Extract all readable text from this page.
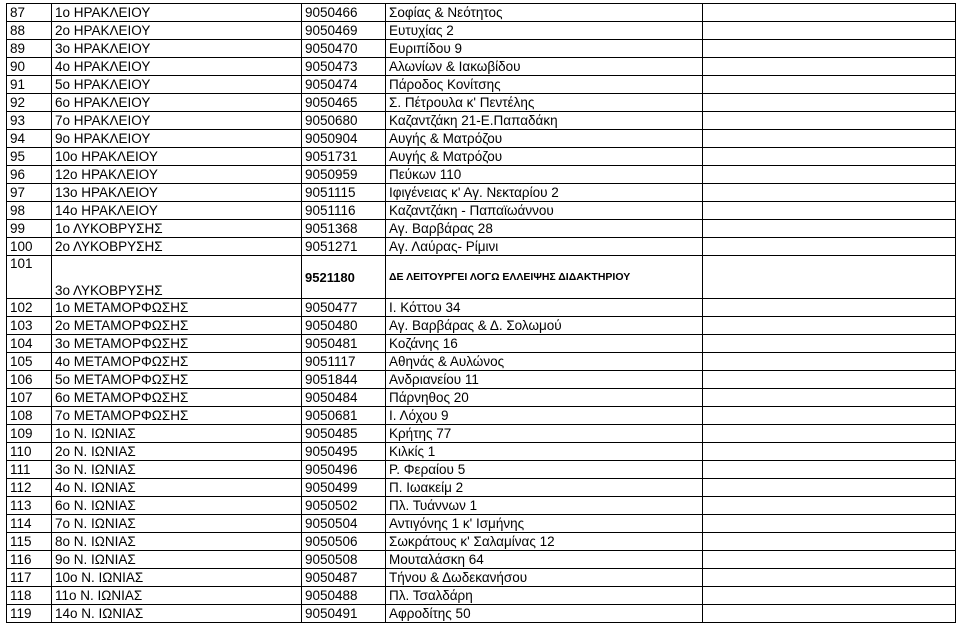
87	1ο ΗΡΑΚΛΕΙΟΥ	9050466	Σοφίας & Νεότητος	
88	2ο ΗΡΑΚΛΕΙΟΥ	9050469	Ευτυχίας 2	
89	3ο ΗΡΑΚΛΕΙΟΥ	9050470	Ευριπίδου 9	
90	4ο ΗΡΑΚΛΕΙΟΥ	9050473	Αλωνίων & Ιακωβίδου	
91	5ο ΗΡΑΚΛΕΙΟΥ	9050474	Πάροδος Κονίτσης	
92	6ο ΗΡΑΚΛΕΙΟΥ	9050465	Σ. Πέτρουλα κ' Πεντέλης	
93	7ο ΗΡΑΚΛΕΙΟΥ	9050680	Καζαντζάκη 21-Ε.Παπαδάκη	
94	9ο ΗΡΑΚΛΕΙΟΥ	9050904	Αυγής & Ματρόζου	
95	10ο ΗΡΑΚΛΕΙΟΥ	9051731	Αυγής & Ματρόζου	
96	12ο ΗΡΑΚΛΕΙΟΥ	9050959	Πεύκων 110	
97	13ο ΗΡΑΚΛΕΙΟΥ	9051115	Ιφιγένειας κ' Αγ. Νεκταρίου 2	
98	14ο ΗΡΑΚΛΕΙΟΥ	9051116	Καζαντζάκη - Παπαϊωάννου	
99	1ο ΛΥΚΟΒΡΥΣΗΣ	9051368	Αγ. Βαρβάρας 28	
100	2ο ΛΥΚΟΒΡΥΣΗΣ	9051271	Αγ. Λαύρας- Ρίμινι	
101	3ο ΛΥΚΟΒΡΥΣΗΣ	9521180	ΔΕ ΛΕΙΤΟΥΡΓΕΙ ΛΟΓΩ ΕΛΛΕΙΨΗΣ ΔΙΔΑΚΤΗΡΙΟΥ	
102	1ο ΜΕΤΑΜΟΡΦΩΣΗΣ	9050477	Ι. Κόττου 34	
103	2ο ΜΕΤΑΜΟΡΦΩΣΗΣ	9050480	Αγ. Βαρβάρας & Δ. Σολωμού	
104	3ο ΜΕΤΑΜΟΡΦΩΣΗΣ	9050481	Κοζάνης 16	
105	4ο ΜΕΤΑΜΟΡΦΩΣΗΣ	9051117	Αθηνάς & Αυλώνος	
106	5ο ΜΕΤΑΜΟΡΦΩΣΗΣ	9051844	Ανδριανείου 11	
107	6ο ΜΕΤΑΜΟΡΦΩΣΗΣ	9050484	Πάρνηθος 20	
108	7ο ΜΕΤΑΜΟΡΦΩΣΗΣ	9050681	Ι. Λόχου 9	
109	1ο Ν. ΙΩΝΙΑΣ	9050485	Κρήτης 77	
110	2ο Ν. ΙΩΝΙΑΣ	9050495	Κιλκίς 1	
111	3ο Ν. ΙΩΝΙΑΣ	9050496	Ρ. Φεραίου 5	
112	4ο Ν. ΙΩΝΙΑΣ	9050499	Π. Ιωακείμ 2	
113	6ο Ν. ΙΩΝΙΑΣ	9050502	Πλ. Τυάννων 1	
114	7ο Ν. ΙΩΝΙΑΣ	9050504	Αντιγόνης 1 κ' Ισμήνης	
115	8ο Ν. ΙΩΝΙΑΣ	9050506	Σωκράτους κ' Σαλαμίνας 12	
116	9ο Ν. ΙΩΝΙΑΣ	9050508	Μουταλάσκη 64	
117	10ο Ν. ΙΩΝΙΑΣ	9050487	Τήνου & Δωδεκανήσου	
118	11ο Ν. ΙΩΝΙΑΣ	9050488	Πλ. Τσαλδάρη	
119	14ο Ν. ΙΩΝΙΑΣ	9050491	Αφροδίτης 50	
